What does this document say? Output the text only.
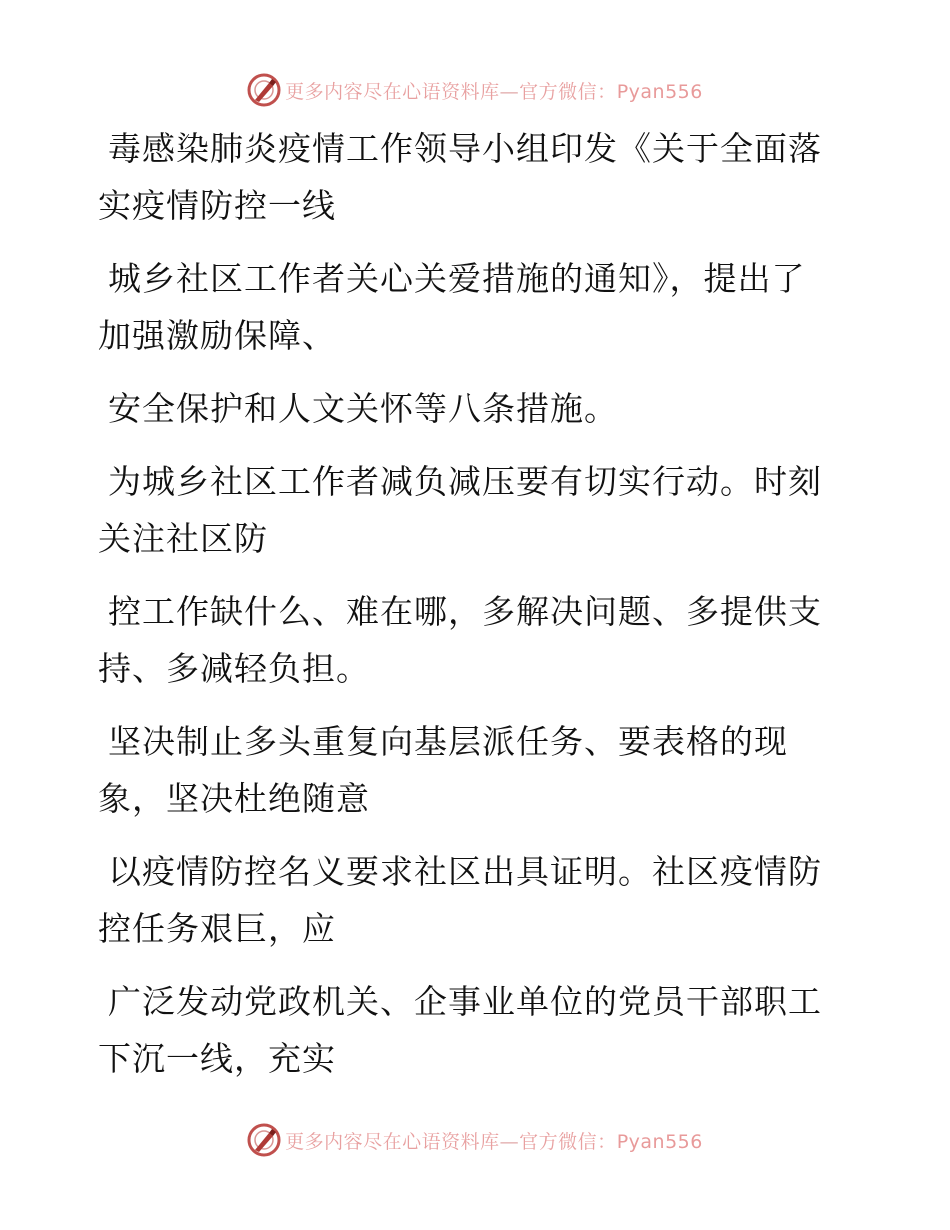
更多内容尽在心语资料库—官方微信：Pyan556

毒感染肺炎疫情工作领导小组印发《关于全面落
实疫情防控一线

城乡社区工作者关心关爱措施的通知》，提出了
加强激励保障、

安全保护和人文关怀等八条措施。

为城乡社区工作者减负减压要有切实行动。时刻
关注社区防

控工作缺什么、难在哪，多解决问题、多提供支
持、多减轻负担。

坚决制止多头重复向基层派任务、要表格的现
象，坚决杜绝随意

以疫情防控名义要求社区出具证明。社区疫情防
控任务艰巨，应

广泛发动党政机关、企事业单位的党员干部职工
下沉一线，充实

更多内容尽在心语资料库—官方微信：Pyan556
